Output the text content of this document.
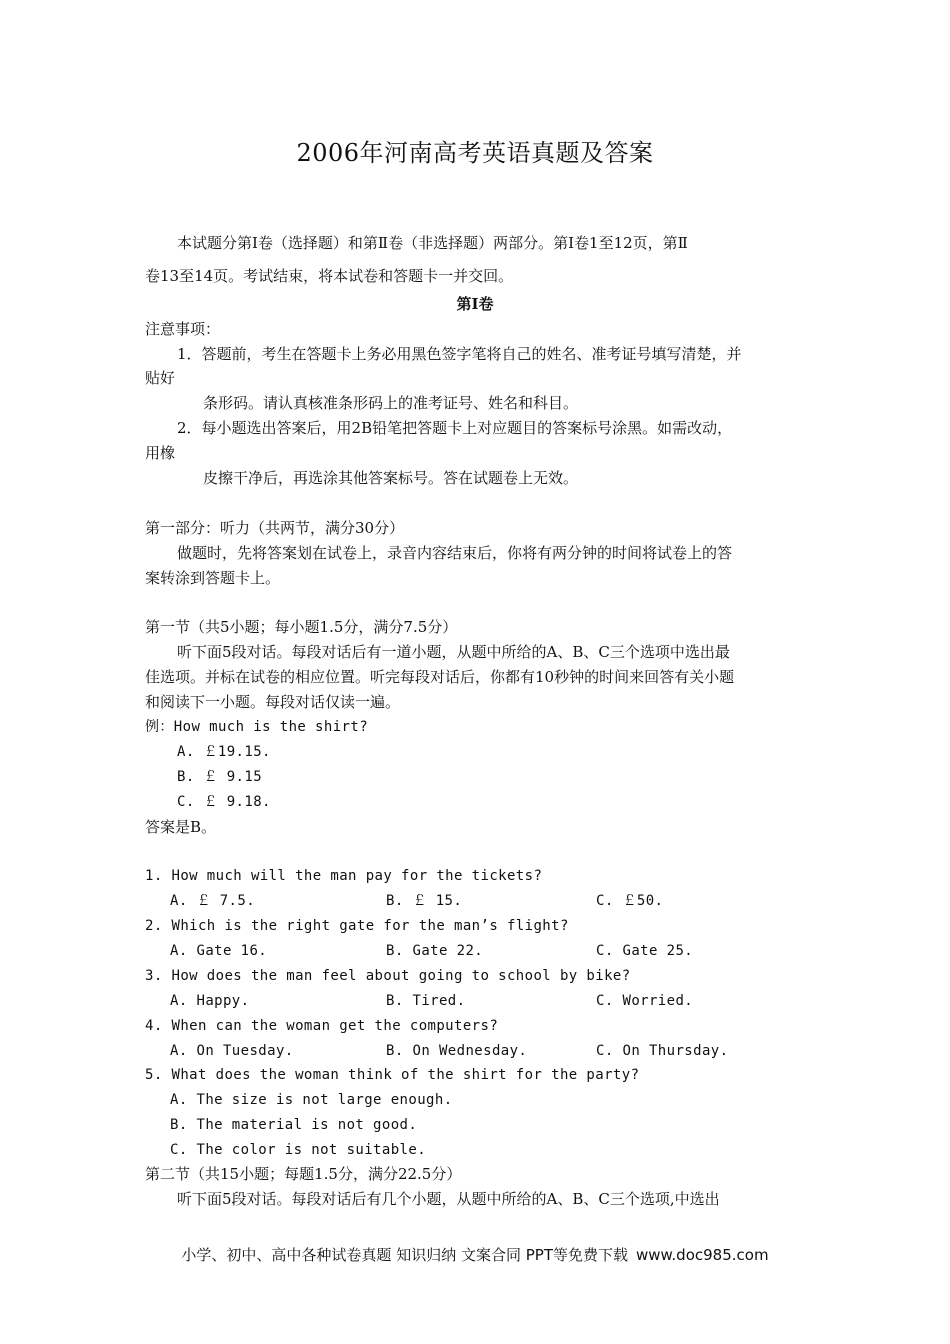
2006年河南高考英语真题及答案
本试题分第Ⅰ卷（选择题）和第Ⅱ卷（非选择题）两部分。第Ⅰ卷1至12页，第Ⅱ
卷13至14页。考试结束，将本试卷和答题卡一并交回。
第Ⅰ卷
注意事项：
1．答题前，考生在答题卡上务必用黑色签字笔将自己的姓名、准考证号填写清楚，并
贴好
条形码。请认真核准条形码上的准考证号、姓名和科目。
2．每小题选出答案后，用2B铅笔把答题卡上对应题目的答案标号涂黑。如需改动，
用橡
皮擦干净后，再选涂其他答案标号。答在试题卷上无效。
第一部分：听力（共两节，满分30分）
做题时，先将答案划在试卷上，录音内容结束后，你将有两分钟的时间将试卷上的答
案转涂到答题卡上。
第一节（共5小题；每小题1.5分，满分7.5分）
听下面5段对话。每段对话后有一道小题，从题中所给的A、B、C三个选项中选出最
佳选项。并标在试卷的相应位置。听完每段对话后，你都有10秒钟的时间来回答有关小题
和阅读下一小题。每段对话仅读一遍。
例：How much is the shirt?
A. ￡19.15.
B. ￡ 9.15
C. ￡ 9.18.
答案是B。
1. How much will the man pay for the tickets?
A. ￡ 7.5.	B. ￡ 15.	C. ￡50.
2. Which is the right gate for the man’s flight?
A. Gate 16.	B. Gate 22.	C. Gate 25.
3. How does the man feel about going to school by bike?
A. Happy.	B. Tired.	C. Worried.
4. When can the woman get the computers?
A. On Tuesday.	B. On Wednesday.	C. On Thursday.
5. What does the woman think of the shirt for the party?
A. The size is not large enough.
B. The material is not good.
C. The color is not suitable.
第二节（共15小题；每题1.5分，满分22.5分）
听下面5段对话。每段对话后有几个小题，从题中所给的A、B、C三个选项,中选出
小学、初中、高中各种试卷真题 知识归纳 文案合同 PPT等免费下载 www.doc985.com
